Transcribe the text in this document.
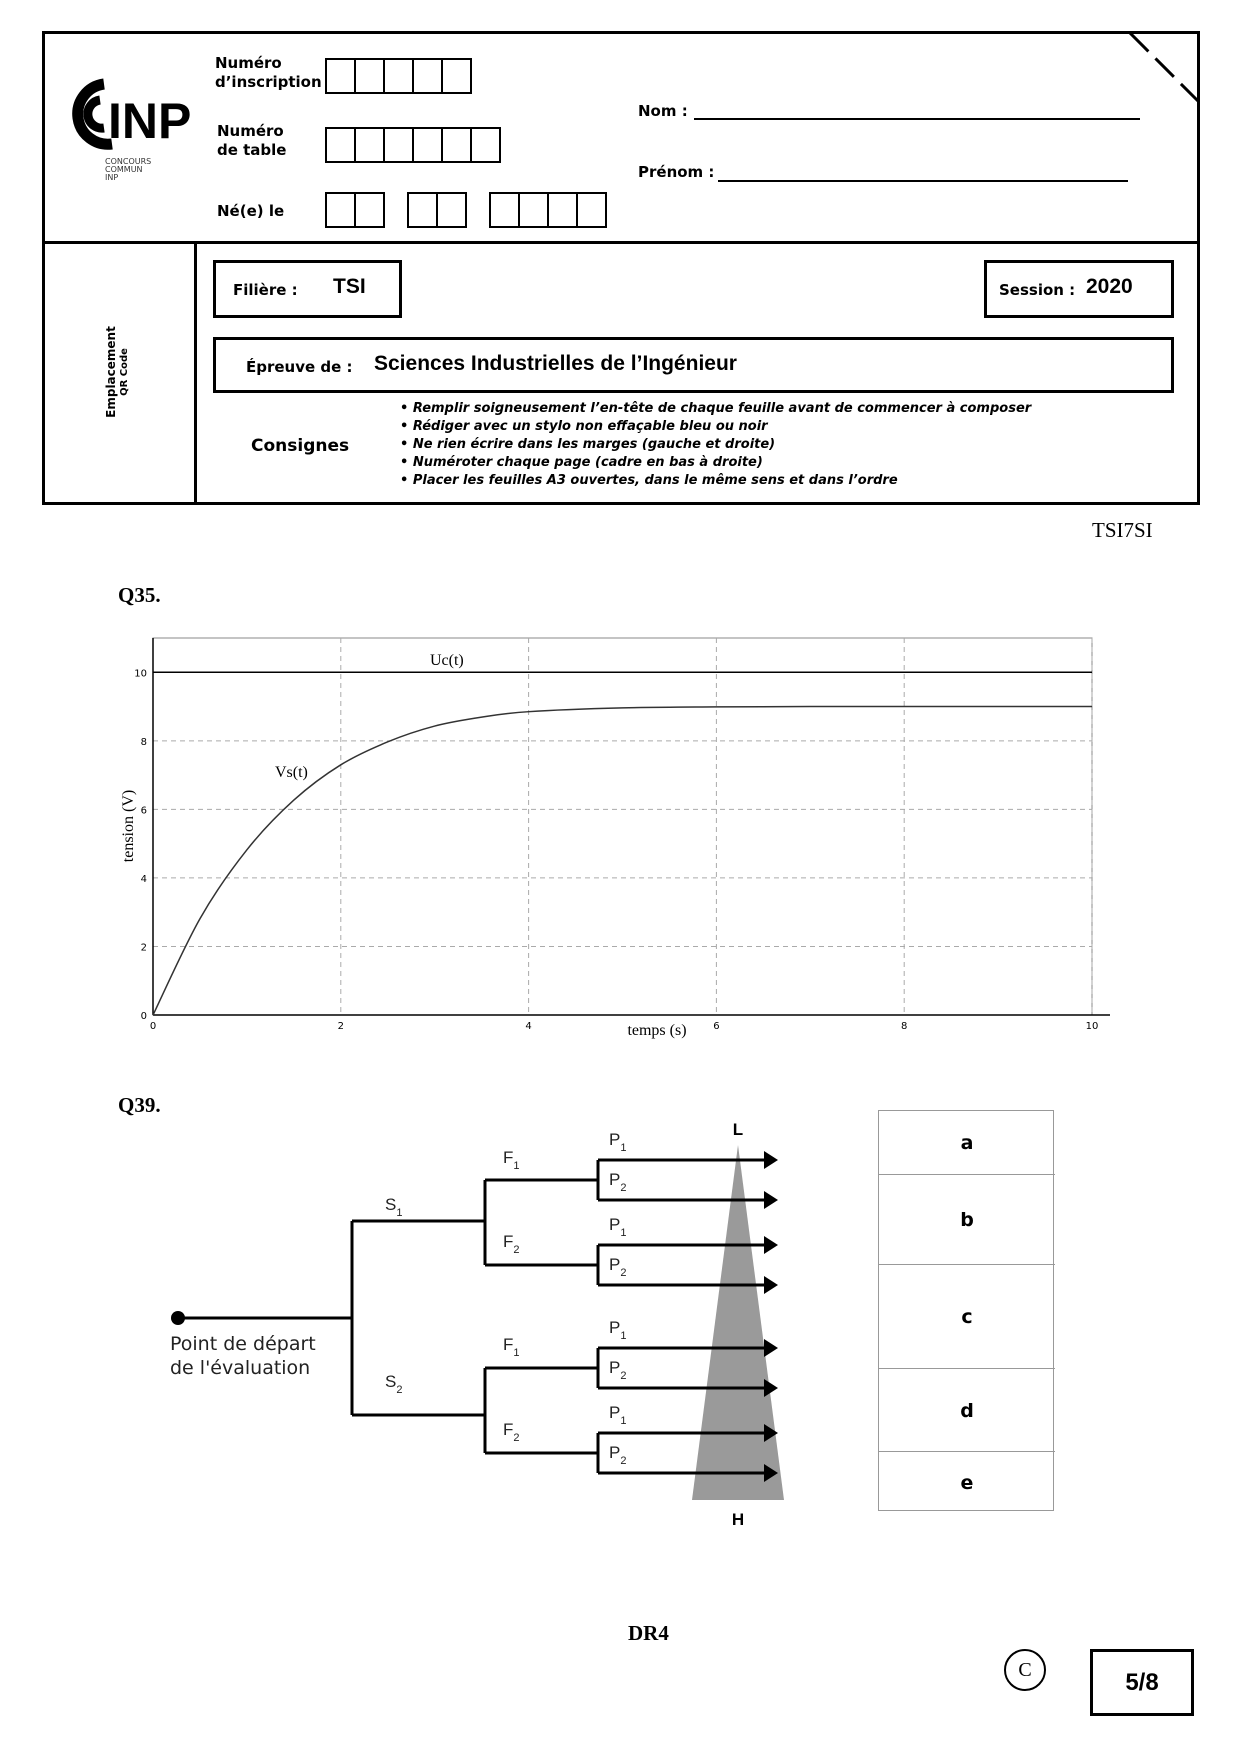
INP
CONCOURS
COMMUN
INP
Numéro
d’inscription
Numéro
de table
Né(e) le
Nom :
Prénom :
Emplacement QR Code
Filière : TSI	Session : 2020
Épreuve de : Sciences Industrielles de l’Ingénieur
Consignes
• Remplir soigneusement l’en-tête de chaque feuille avant de commencer à composer
• Rédiger avec un stylo non effaçable bleu ou noir
• Ne rien écrire dans les marges (gauche et droite)
• Numéroter chaque page (cadre en bas à droite)
• Placer les feuilles A3 ouvertes, dans le même sens et dans l’ordre
TSI7SI
Q35.
0	2	4	6	8	10
0
2
4
6
8
10
temps (s)
tension (V)
Uc(t)
Vs(t)
Q39.
L
H
Point de départ
de l'évaluation
$S_1$
$S_2$
$F_1$
$F_2$
$F_1$
$F_2$
$P_1$
$P_2$
$P_1$
$P_2$
$P_1$
$P_2$
$P_1$
$P_2$
a
b
c
d
e
DR4
C	5/8
